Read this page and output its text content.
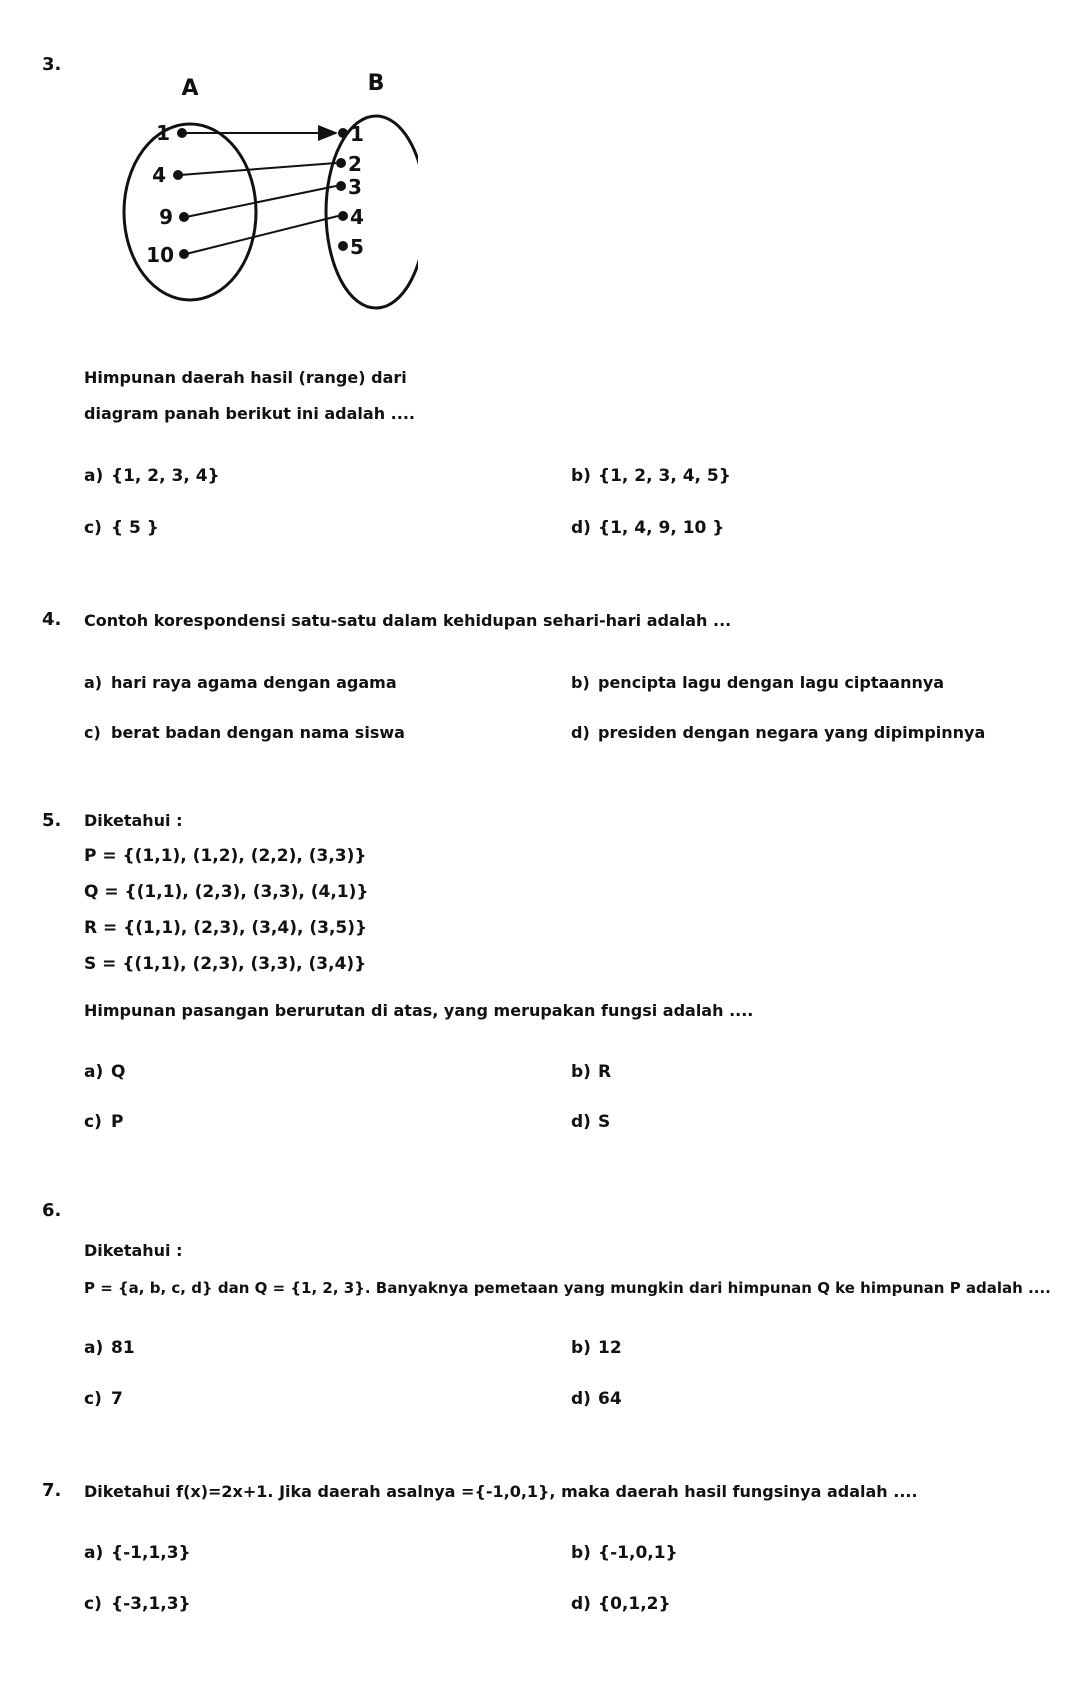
3.
A	B
1
4
9
10
1
2
3
4
5
Himpunan daerah hasil (range) dari
diagram panah berikut ini adalah ....
a) {1, 2, 3, 4}	b) {1, 2, 3, 4, 5}
c) { 5 }	d) {1, 4, 9, 10 }
4. Contoh korespondensi satu-satu dalam kehidupan sehari-hari adalah ...
a) hari raya agama dengan agama	b) pencipta lagu dengan lagu ciptaannya
c) berat badan dengan nama siswa	d) presiden dengan negara yang dipimpinnya
5. Diketahui :
P = {(1,1), (1,2), (2,2), (3,3)}
Q = {(1,1), (2,3), (3,3), (4,1)}
R = {(1,1), (2,3), (3,4), (3,5)}
S = {(1,1), (2,3), (3,3), (3,4)}
Himpunan pasangan berurutan di atas, yang merupakan fungsi adalah ....
a) Q	b) R
c) P	d) S
6.
Diketahui :
P = {a, b, c, d} dan Q = {1, 2, 3}. Banyaknya pemetaan yang mungkin dari himpunan Q ke himpunan P adalah ....
a) 81	b) 12
c) 7	d) 64
7. Diketahui f(x)=2x+1. Jika daerah asalnya ={-1,0,1}, maka daerah hasil fungsinya adalah ....
a) {-1,1,3}	b) {-1,0,1}
c) {-3,1,3}	d) {0,1,2}
